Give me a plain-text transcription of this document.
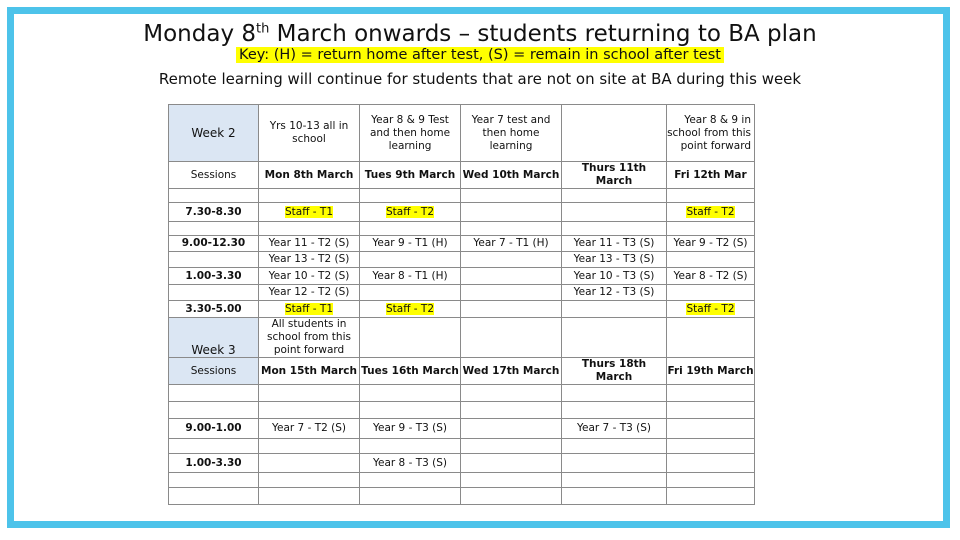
Monday 8th March onwards – students returning to BA plan
Key: (H) = return home after test, (S) = remain in school after test
Remote learning will continue for students that are not on site at BA during this week
Week 2	Yrs 10-13 all in school	Year 8 & 9 Test and then home learning	Year 7 test and then home learning		Year 8 & 9 in school from this point forward
Sessions	Mon 8th March	Tues 9th March	Wed 10th March	Thurs 11th March	Fri 12th Mar

7.30-8.30	Staff - T1	Staff - T2			Staff - T2

9.00-12.30	Year 11 - T2 (S)	Year 9 - T1 (H)	Year 7 - T1 (H)	Year 11 - T3 (S)	Year 9 - T2 (S)
	Year 13 - T2 (S)			Year 13 - T3 (S)	
1.00-3.30	Year 10 - T2 (S)	Year 8 - T1 (H)		Year 10 - T3 (S)	Year 8 - T2 (S)
	Year 12 - T2 (S)			Year 12 - T3 (S)	
3.30-5.00	Staff - T1	Staff - T2			Staff - T2
Week 3	All students in school from this point forward				
Sessions	Mon 15th March	Tues 16th March	Wed 17th March	Thurs 18th March	Fri 19th March

9.00-1.00	Year 7 - T2 (S)	Year 9 - T3 (S)		Year 7 - T3 (S)	

1.00-3.30		Year 8 - T3 (S)			
